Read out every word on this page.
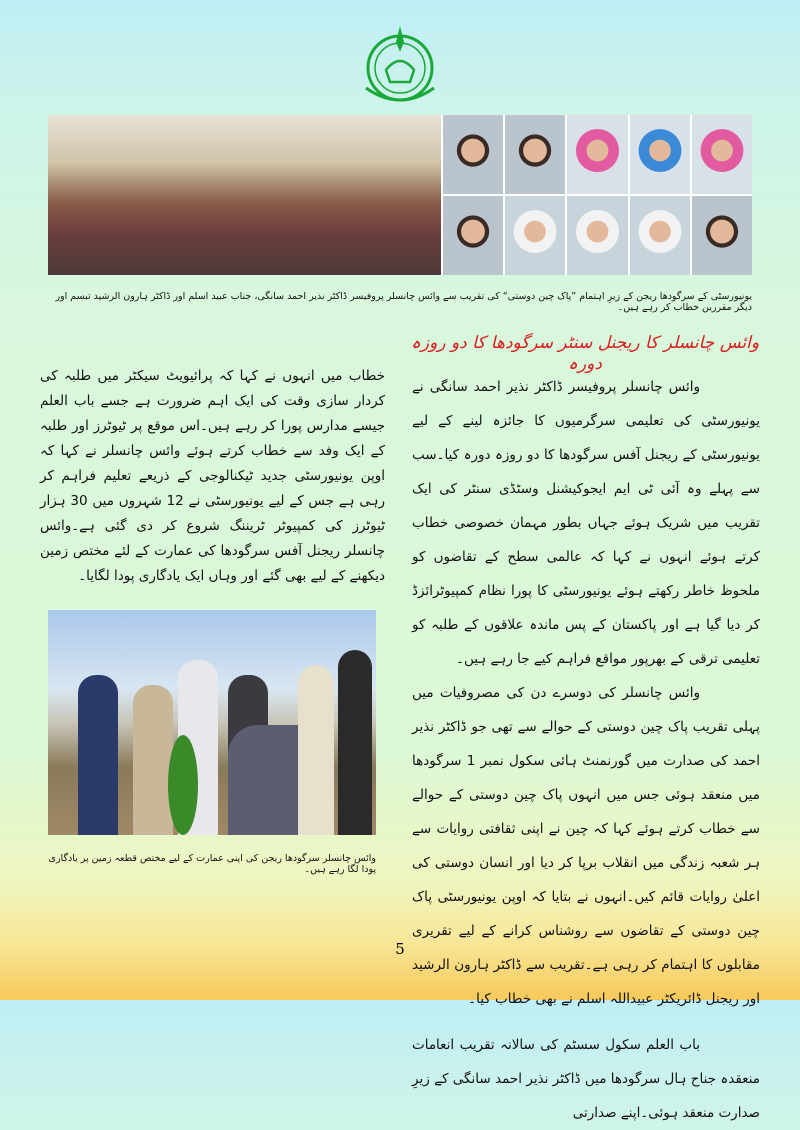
یونیورسٹی کے سرگودھا ریجن کے زیرِ اہتمام ”پاک چین دوستی“ کی تقریب سے وائس چانسلر پروفیسر ڈاکٹر نذیر احمد سانگی، جناب عبید اسلم اور ڈاکٹر ہارون الرشید تبسم اور دیگر مقررین خطاب کر رہے ہیں۔
وائس چانسلر کا ریجنل سنٹر سرگودھا کا دو روزہ دورہ

وائس چانسلر پروفیسر ڈاکٹر نذیر احمد سانگی نے یونیورسٹی کی تعلیمی سرگرمیوں کا جائزہ لینے کے لیے یونیورسٹی کے ریجنل آفس سرگودھا کا دو روزہ دورہ کیا۔سب سے پہلے وہ آئی ٹی ایم ایجوکیشنل وسٹڈی سنٹر کی ایک تقریب میں شریک ہوئے جہاں بطور مہمان خصوصی خطاب کرتے ہوئے انہوں نے کہا کہ عالمی سطح کے تقاضوں کو ملحوظ خاطر رکھتے ہوئے یونیورسٹی کا پورا نظام کمپیوٹرائزڈ کر دیا گیا ہے اور پاکستان کے پس ماندہ علاقوں کے طلبہ کو تعلیمی ترقی کے بھرپور مواقع فراہم کیے جا رہے ہیں۔

وائس چانسلر کی دوسرے دن کی مصروفیات میں پہلی تقریب پاک چین دوستی کے حوالے سے تھی جو ڈاکٹر نذیر احمد کی صدارت میں گورنمنٹ ہائی سکول نمبر 1 سرگودھا میں منعقد ہوئی جس میں انہوں پاک چین دوستی کے حوالے سے خطاب کرتے ہوئے کہا کہ چین نے اپنی ثقافتی روایات سے ہر شعبہ زندگی میں انقلاب برپا کر دیا اور انسان دوستی کی اعلیٰ روایات قائم کیں۔انہوں نے بتایا کہ اوپن یونیورسٹی پاک چین دوستی کے تقاضوں سے روشناس کرانے کے لیے تقریری مقابلوں کا اہتمام کر رہی ہے۔تقریب سے ڈاکٹر ہارون الرشید اور ریجنل ڈائریکٹر عبیداللہ اسلم نے بھی خطاب کیا۔

باب العلم سکول سسٹم کی سالانہ تقریب انعامات منعقدہ جناح ہال سرگودھا میں ڈاکٹر نذیر احمد سانگی کے زیرِ صدارت منعقد ہوئی۔اپنے صدارتی

خطاب میں انہوں نے کہا کہ پرائیویٹ سیکٹر میں طلبہ کی کردار سازی وقت کی ایک اہم ضرورت ہے جسے باب العلم جیسے مدارس پورا کر رہے ہیں۔اس موقع پر ٹیوٹرز اور طلبہ کے ایک وفد سے خطاب کرتے ہوئے وائس چانسلر نے کہا کہ اوپن یونیورسٹی جدید ٹیکنالوجی کے ذریعے تعلیم فراہم کر رہی ہے جس کے لیے یونیورسٹی نے 12 شہروں میں 30 ہزار ٹیوٹرز کی کمپیوٹر ٹریننگ شروع کر دی گئی ہے۔وائس چانسلر ریجنل آفس سرگودھا کی عمارت کے لئے مختص زمین دیکھنے کے لیے بھی گئے اور وہاں ایک یادگاری پودا لگایا۔

وائس چانسلر سرگودھا ریجن کی اپنی عمارت کے لیے مختص قطعہ زمین پر یادگاری پودا لگا رہے ہیں۔
5
